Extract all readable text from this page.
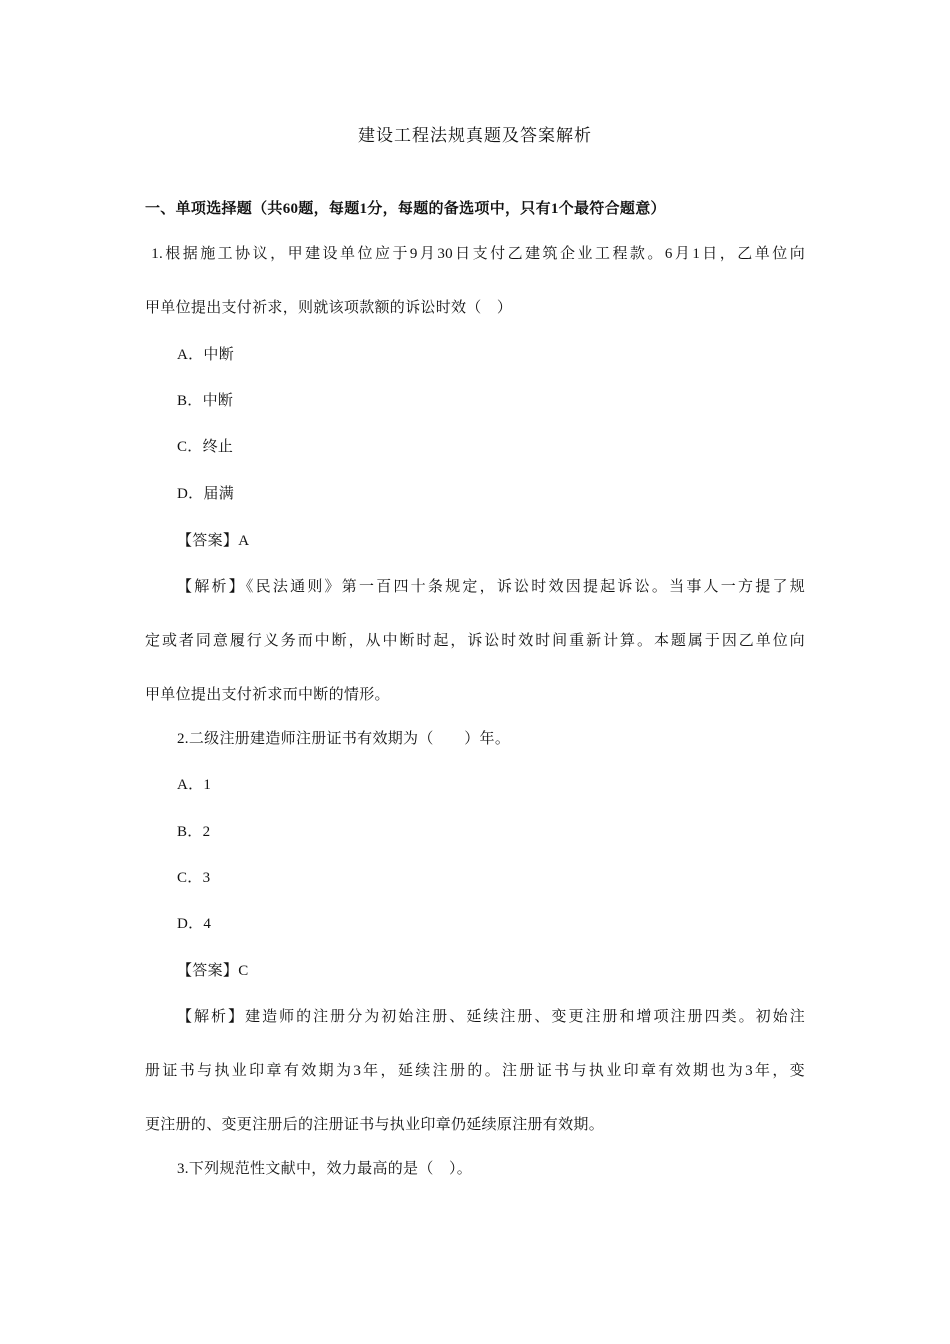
建设工程法规真题及答案解析
一、单项选择题（共60题，每题1分，每题的备选项中，只有1个最符合题意）
1.根据施工协议，甲建设单位应于9月30日支付乙建筑企业工程款。6月1日，乙单位向
甲单位提出支付祈求，则就该项款额的诉讼时效（　）
A．中断
B．中断
C．终止
D．届满
【答案】A
【解析】《民法通则》第一百四十条规定，诉讼时效因提起诉讼。当事人一方提了规
定或者同意履行义务而中断，从中断时起，诉讼时效时间重新计算。本题属于因乙单位向
甲单位提出支付祈求而中断的情形。
2.二级注册建造师注册证书有效期为（　　）年。
A．1
B．2
C．3
D．4
【答案】C
【解析】建造师的注册分为初始注册、延续注册、变更注册和增项注册四类。初始注
册证书与执业印章有效期为3年，延续注册的。注册证书与执业印章有效期也为3年，变
更注册的、变更注册后的注册证书与执业印章仍延续原注册有效期。
3.下列规范性文献中，效力最高的是（　）。
